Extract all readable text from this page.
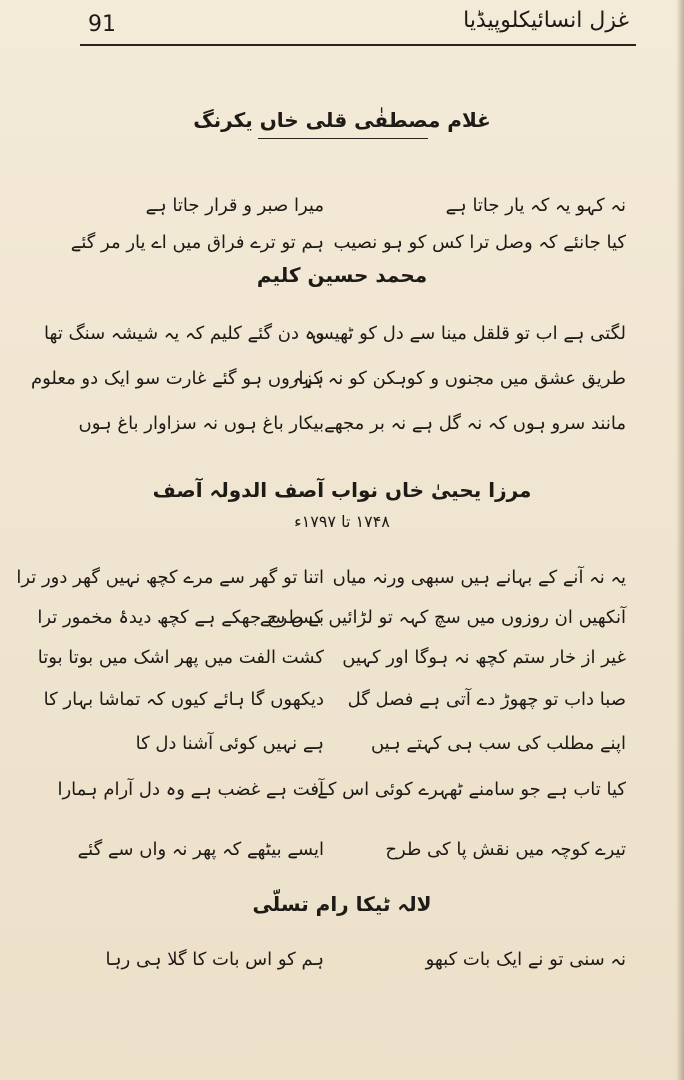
91	غزل انسائیکلوپیڈیا
غلام مصطفٰی قلی خاں یکرنگ
نہ کہو یہ کہ یار جاتا ہے
میرا صبر و قرار جاتا ہے
کیا جانئے کہ وصل ترا کس کو ہو نصیب
ہم تو ترے فراق میں اے یار مر گئے
محمد حسین کلیم
لگتی ہے اب تو قلقل مینا سے دل کو ٹھیس
وہ دن گئے کلیم کہ یہ شیشہ سنگ تھا
طریق عشق میں مجنوں و کوہکن کو نہ کہہ
ہزاروں ہو گئے غارت سو ایک دو معلوم
مانند سرو ہوں کہ نہ گل ہے نہ بر مجھے
بیکار باغ ہوں نہ سزاوار باغ ہوں
مرزا یحییٰ خاں نواب آصف الدولہ آصف
۱۷۴۸ تا ۱۷۹۷ء
یہ نہ آنے کے بہانے ہیں سبھی ورنہ میاں
اتنا تو گھر سے مرے کچھ نہیں گھر دور ترا
آنکھیں ان روزوں میں سچ کہہ تو لڑائیں کس سے
بے طرح جھکے ہے کچھ دیدۂ مخمور ترا
غیر از خار ستم کچھ نہ ہوگا اور کہیں
کشت الفت میں پھر اشک میں بوتا بوتا
صبا داب تو چھوڑ دے آتی ہے فصل گل
دیکھوں گا ہائے کیوں کہ تماشا بہار کا
اپنے مطلب کی سب ہی کہتے ہیں
ہے نہیں کوئی آشنا دل کا
کیا تاب ہے جو سامنے ٹھہرے کوئی اس کے
آفت ہے غضب ہے وہ دل آرام ہمارا
تیرے کوچہ میں نقش پا کی طرح
ایسے بیٹھے کہ پھر نہ واں سے گئے
لالہ ٹیکا رام تسلّی
نہ سنی تو نے ایک بات کبھو
ہم کو اس بات کا گلا ہی رہا
